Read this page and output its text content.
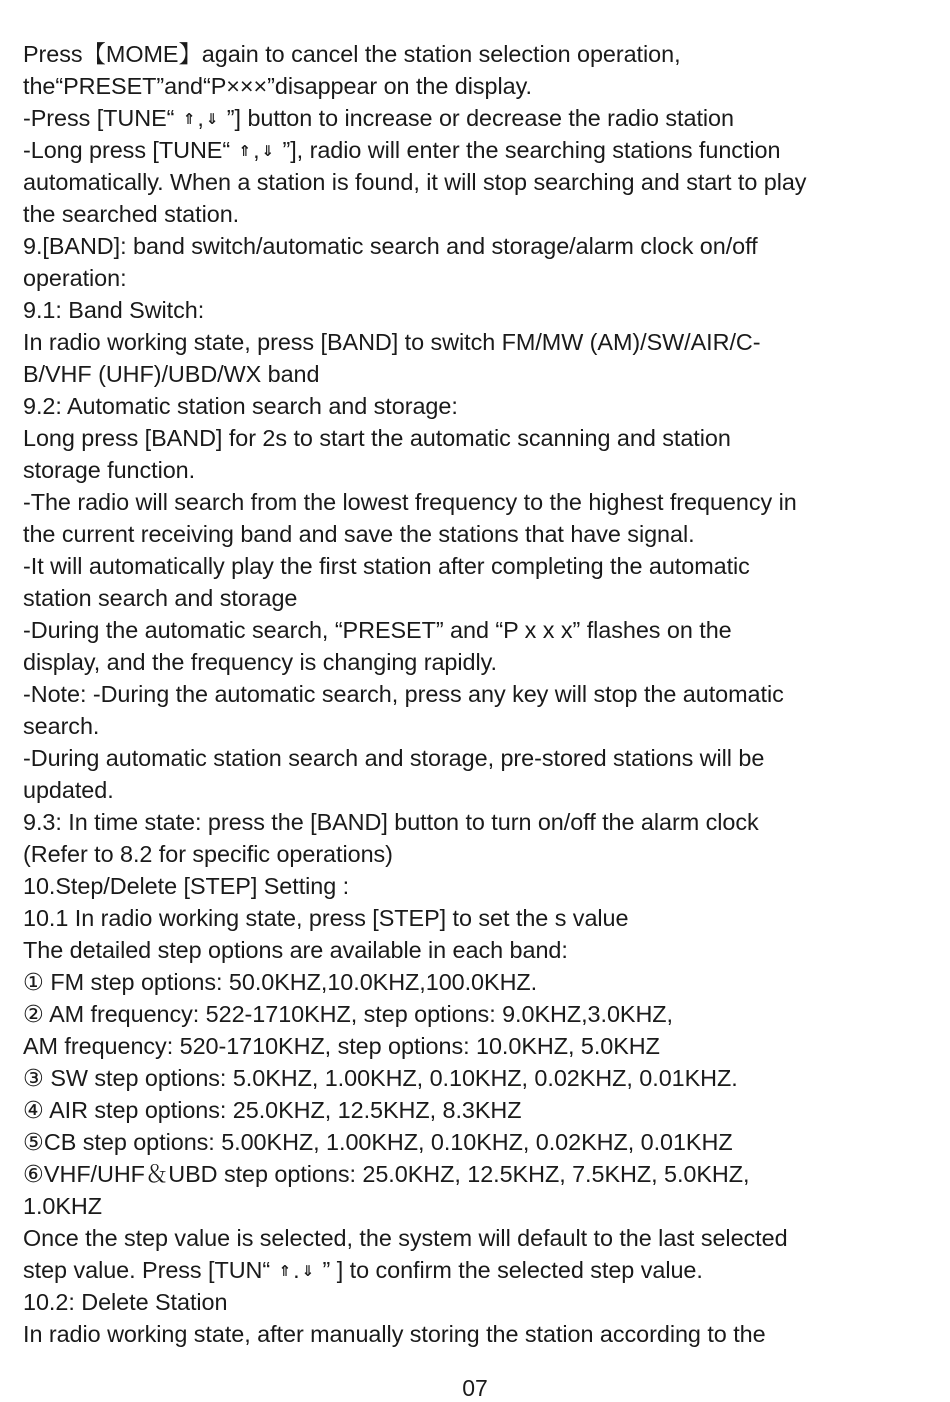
Press【MOME】again to cancel the station selection operation,
the“PRESET”and“P×××”disappear on the display.
-Press [TUNE“ ⇑, ⇓ ”] button to increase or decrease the radio station
-Long press [TUNE“ ⇑, ⇓ ”], radio will enter the searching stations function
automatically. When a station is found, it will stop searching and start to play
the searched station.
9.[BAND]: band switch/automatic search and storage/alarm clock on/off
operation:
9.1: Band Switch:
In radio working state, press [BAND] to switch FM/MW (AM)/SW/AIR/C-
B/VHF (UHF)/UBD/WX band
9.2: Automatic station search and storage:
Long press [BAND] for 2s to start the automatic scanning and station
storage function.
-The radio will search from the lowest frequency to the highest frequency in
the current receiving band and save the stations that have signal.
-It will automatically play the first station after completing the automatic
station search and storage
-During the automatic search, “PRESET” and “P x x x” flashes on the
display, and the frequency is changing rapidly.
-Note: -During the automatic search, press any key will stop the automatic
search.
-During automatic station search and storage, pre-stored stations will be
updated.
9.3: In time state: press the [BAND] button to turn on/off the alarm clock
(Refer to 8.2 for specific operations)
10.Step/Delete [STEP] Setting :
10.1 In radio working state, press [STEP] to set the s value
The detailed step options are available in each band:
① FM step options: 50.0KHZ,10.0KHZ,100.0KHZ.
② AM frequency: 522-1710KHZ, step options: 9.0KHZ,3.0KHZ,
AM frequency: 520-1710KHZ, step options: 10.0KHZ, 5.0KHZ
③ SW step options: 5.0KHZ, 1.00KHZ, 0.10KHZ, 0.02KHZ, 0.01KHZ.
④ AIR step options: 25.0KHZ, 12.5KHZ, 8.3KHZ
⑤CB step options: 5.00KHZ, 1.00KHZ, 0.10KHZ, 0.02KHZ, 0.01KHZ
⑥VHF/UHF＆UBD step options: 25.0KHZ, 12.5KHZ, 7.5KHZ, 5.0KHZ,
1.0KHZ
Once the step value is selected, the system will default to the last selected
step value. Press [TUN“ ⇑. ⇓ ” ] to confirm the selected step value.
10.2: Delete Station
In radio working state, after manually storing the station according to the
07
